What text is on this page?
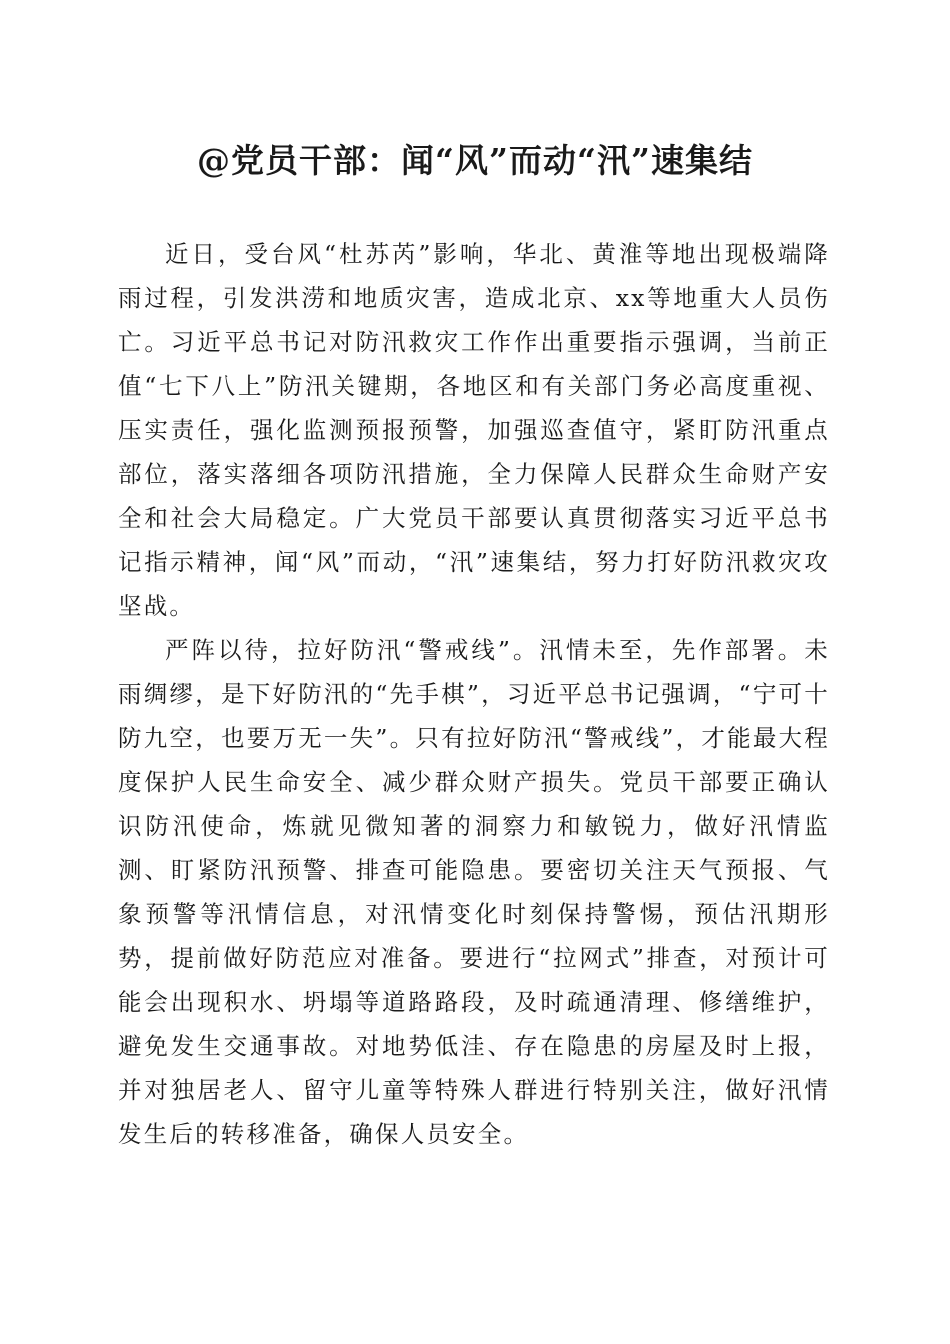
@党员干部：闻“风”而动“汛”速集结

近日，受台风“杜苏芮”影响，华北、黄淮等地出现极端降雨过程，引发洪涝和地质灾害，造成北京、xx等地重大人员伤亡。习近平总书记对防汛救灾工作作出重要指示强调，当前正值“七下八上”防汛关键期，各地区和有关部门务必高度重视、压实责任，强化监测预报预警，加强巡查值守，紧盯防汛重点部位，落实落细各项防汛措施，全力保障人民群众生命财产安全和社会大局稳定。广大党员干部要认真贯彻落实习近平总书记指示精神，闻“风”而动，“汛”速集结，努力打好防汛救灾攻坚战。

严阵以待，拉好防汛“警戒线”。汛情未至，先作部署。未雨绸缪，是下好防汛的“先手棋”，习近平总书记强调，“宁可十防九空，也要万无一失”。只有拉好防汛“警戒线”，才能最大程度保护人民生命安全、减少群众财产损失。党员干部要正确认识防汛使命，炼就见微知著的洞察力和敏锐力，做好汛情监测、盯紧防汛预警、排查可能隐患。要密切关注天气预报、气象预警等汛情信息，对汛情变化时刻保持警惕，预估汛期形势，提前做好防范应对准备。要进行“拉网式”排查，对预计可能会出现积水、坍塌等道路路段，及时疏通清理、修缮维护，避免发生交通事故。对地势低洼、存在隐患的房屋及时上报，并对独居老人、留守儿童等特殊人群进行特别关注，做好汛情发生后的转移准备，确保人员安全。
